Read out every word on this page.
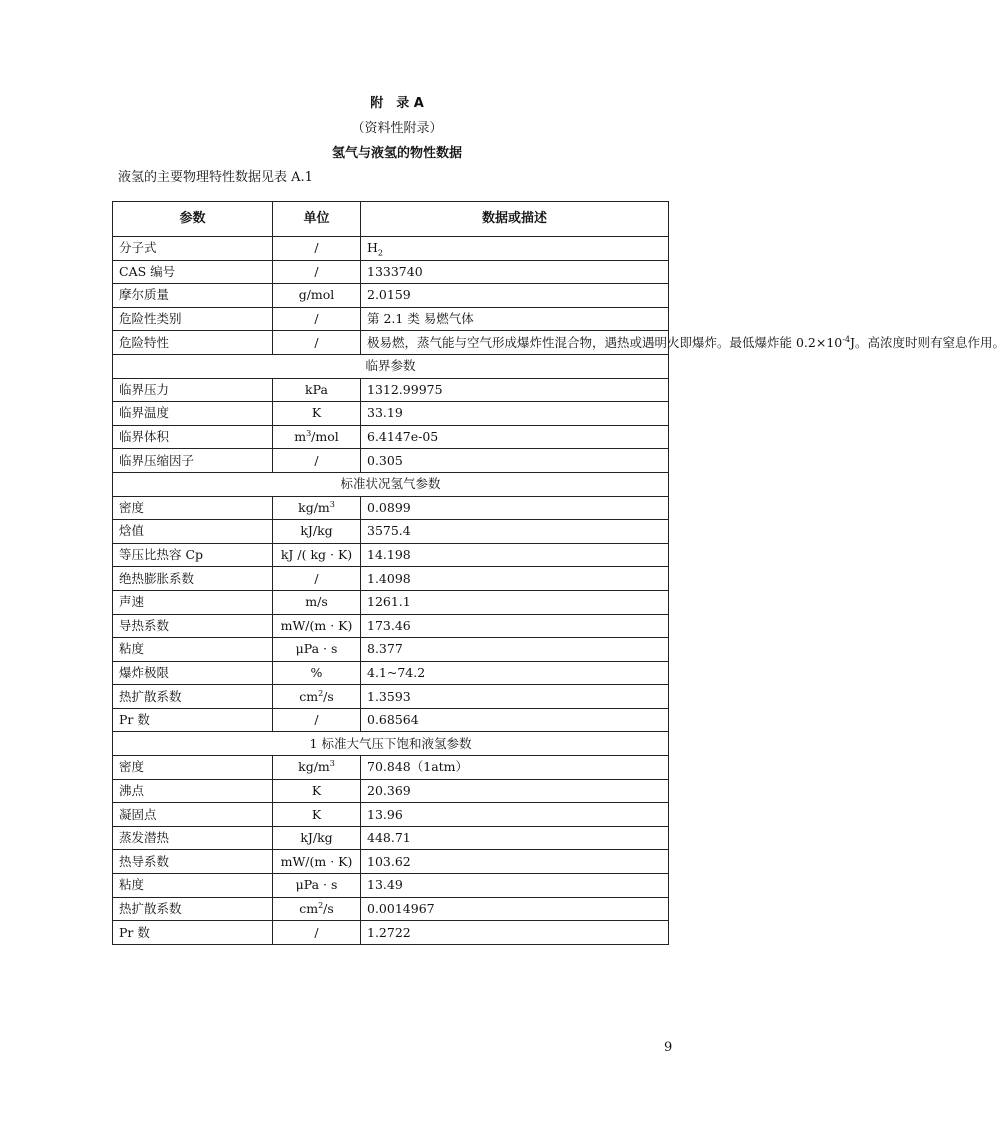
附　录 A
（资料性附录）
氢气与液氢的物性数据
液氢的主要物理特性数据见表 A.1
参数	单位	数据或描述
分子式	/	$H_2$
CAS 编号	/	1333740
摩尔质量	g/mol	2.0159
危险性类别	/	第 2.1 类 易燃气体
危险特性	/	极易燃，蒸气能与空气形成爆炸性混合物，遇热或遇明火即爆炸。最低爆炸能 $0.2\times 10^{-4}J$。高浓度时则有窒息作用。
临界参数		
临界压力	kPa	1312.99975
临界温度	K	33.19
临界体积	$m^3$/mol	6.4147e-05
临界压缩因子	/	0.305
标准状况氢气参数		
密度	$kg/m^3$	0.0899
焓值	kJ/kg	3575.4
等压比热容 Cp	kJ /( kg · K)	14.198
绝热膨胀系数	/	1.4098
声速	m/s	1261.1
导热系数	mW/(m · K)	173.46
粘度	μPa · s	8.377
爆炸极限	%	4.1~74.2
热扩散系数	$cm^2/s$	1.3593
Pr 数	/	0.68564
1 标准大气压下饱和液氢参数		
密度	$kg/m^3$	70.848（1atm）
沸点	K	20.369
凝固点	K	13.96
蒸发潜热	kJ/kg	448.71
热导系数	mW/(m · K)	103.62
粘度	μPa · s	13.49
热扩散系数	$cm^2/s$	0.0014967
Pr 数	/	1.2722
9
